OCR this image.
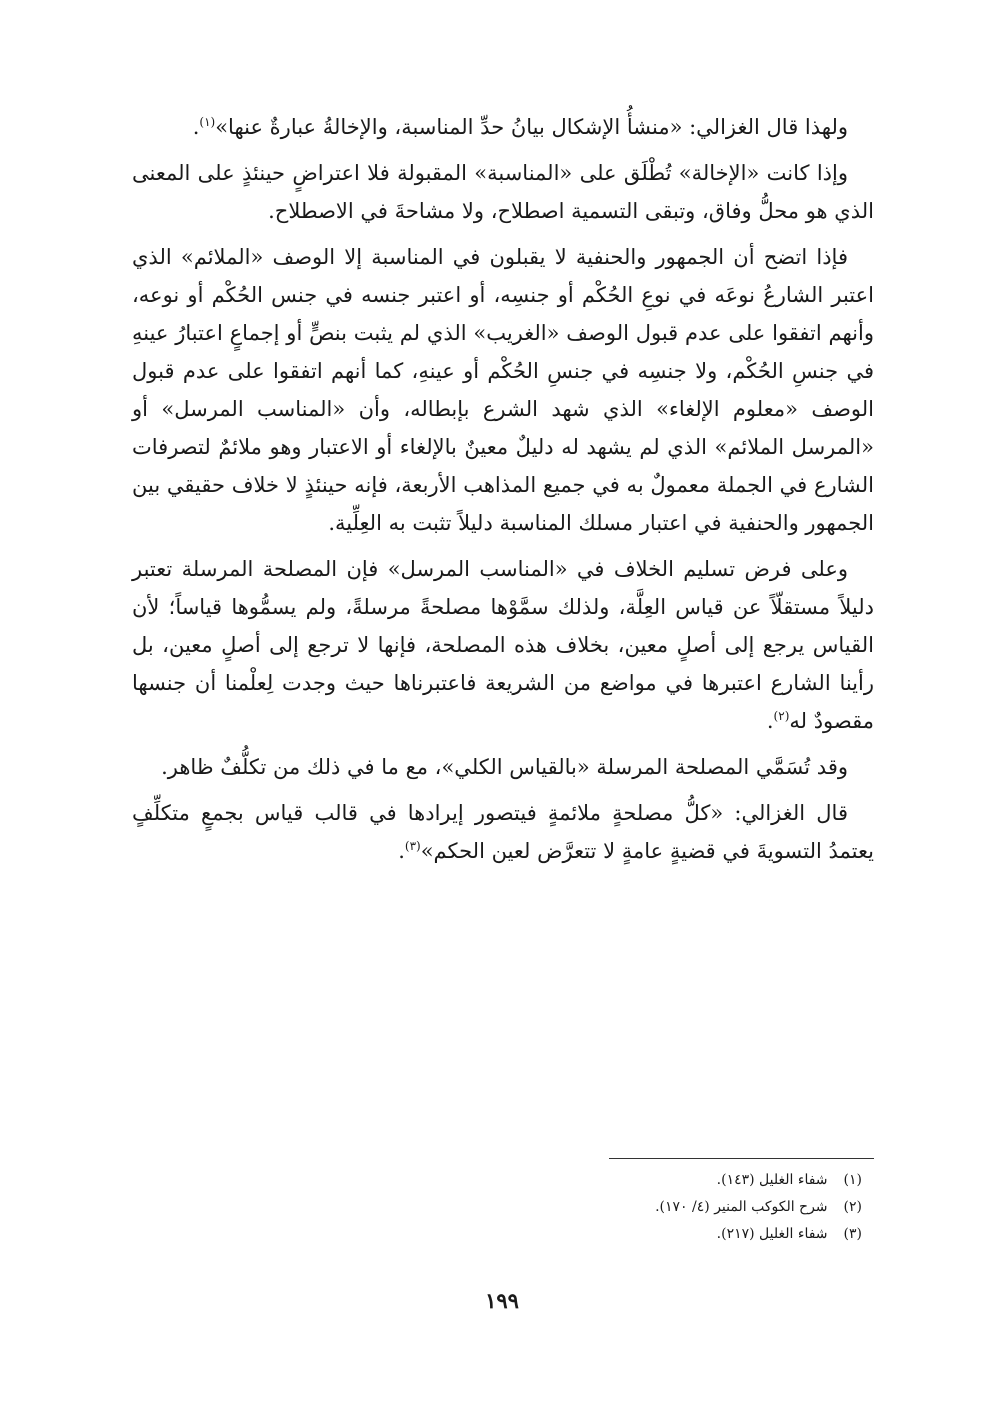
ولهذا قال الغزالي: «منشأُ الإشكال بيانُ حدِّ المناسبة، والإخالةُ عبارةٌ عنها»$^{(١)}$.

وإذا كانت «الإخالة» تُطْلَق على «المناسبة» المقبولة فلا اعتراضٍ حينئذٍ على المعنى الذي هو محلُّ وفاق، وتبقى التسمية اصطلاح، ولا مشاحةَ في الاصطلاح.

فإذا اتضح أن الجمهور والحنفية لا يقبلون في المناسبة إلا الوصف «الملائم» الذي اعتبر الشارعُ نوعَه في نوعِ الحُكْم أو جنسِه، أو اعتبر جنسه في جنس الحُكْم أو نوعه، وأنهم اتفقوا على عدم قبول الوصف «الغريب» الذي لم يثبت بنصٍّ أو إجماعٍ اعتبارُ عينهِ في جنسِ الحُكْم، ولا جنسِه في جنسِ الحُكْم أو عينهِ، كما أنهم اتفقوا على عدم قبول الوصف «معلوم الإلغاء» الذي شهد الشرع بإبطاله، وأن «المناسب المرسل» أو «المرسل الملائم» الذي لم يشهد له دليلٌ معينٌ بالإلغاء أو الاعتبار وهو ملائمٌ لتصرفات الشارع في الجملة معمولٌ به في جميع المذاهب الأربعة، فإنه حينئذٍ لا خلاف حقيقي بين الجمهور والحنفية في اعتبار مسلك المناسبة دليلاً تثبت به العِلِّية.

وعلى فرض تسليم الخلاف في «المناسب المرسل» فإن المصلحة المرسلة تعتبر دليلاً مستقلّاً عن قياس العِلَّة، ولذلك سمَّوْها مصلحةً مرسلةً، ولم يسمُّوها قياساً؛ لأن القياس يرجع إلى أصلٍ معين، بخلاف هذه المصلحة، فإنها لا ترجع إلى أصلٍ معين، بل رأينا الشارع اعتبرها في مواضع من الشريعة فاعتبرناها حيث وجدت لِعلْمنا أن جنسها مقصودٌ له$^{(٢)}$.

وقد تُسَمَّي المصلحة المرسلة «بالقياس الكلي»، مع ما في ذلك من تكلُّفٌ ظاهر.

قال الغزالي: «كلُّ مصلحةٍ ملائمةٍ فيتصور إيرادها في قالب قياس بجمعٍ متكلِّفٍ يعتمدُ التسويةَ في قضيةٍ عامةٍ لا تتعرَّض لعين الحكم»$^{(٣)}$.

(١) شفاء الغليل (١٤٣).
(٢) شرح الكوكب المنير (٤/ ١٧٠).
(٣) شفاء الغليل (٢١٧).
١٩٩
